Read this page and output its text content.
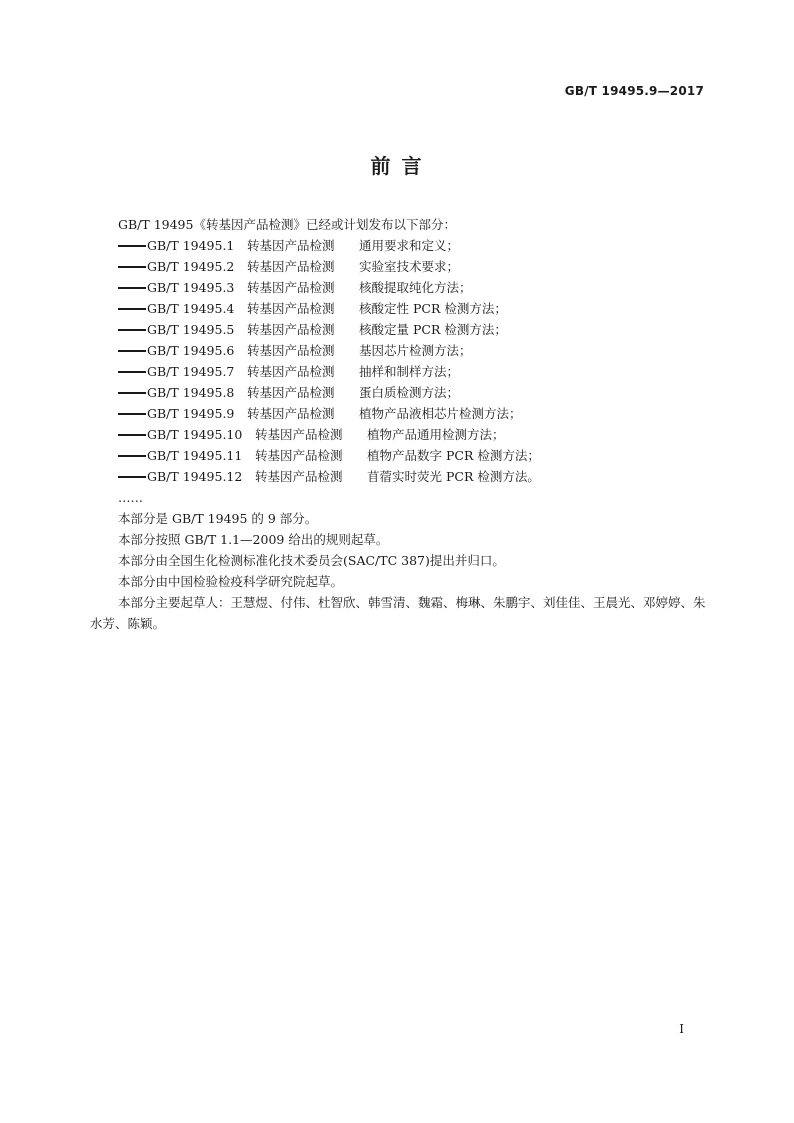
GB/T 19495.9—2017
前 言
GB/T 19495《转基因产品检测》已经或计划发布以下部分：
GB/T 19495.1	转基因产品检测	通用要求和定义；
GB/T 19495.2	转基因产品检测	实验室技术要求；
GB/T 19495.3	转基因产品检测	核酸提取纯化方法；
GB/T 19495.4	转基因产品检测	核酸定性 PCR 检测方法；
GB/T 19495.5	转基因产品检测	核酸定量 PCR 检测方法；
GB/T 19495.6	转基因产品检测	基因芯片检测方法；
GB/T 19495.7	转基因产品检测	抽样和制样方法；
GB/T 19495.8	转基因产品检测	蛋白质检测方法；
GB/T 19495.9	转基因产品检测	植物产品液相芯片检测方法；
GB/T 19495.10	转基因产品检测	植物产品通用检测方法；
GB/T 19495.11	转基因产品检测	植物产品数字 PCR 检测方法；
GB/T 19495.12	转基因产品检测	苜蓿实时荧光 PCR 检测方法。
……
本部分是 GB/T 19495 的 9 部分。
本部分按照 GB/T 1.1—2009 给出的规则起草。
本部分由全国生化检测标准化技术委员会(SAC/TC 387)提出并归口。
本部分由中国检验检疫科学研究院起草。
本部分主要起草人：王慧煜、付伟、杜智欣、韩雪清、魏霜、梅琳、朱鹏宇、刘佳佳、王晨光、邓婷婷、朱水芳、陈颖。
I
